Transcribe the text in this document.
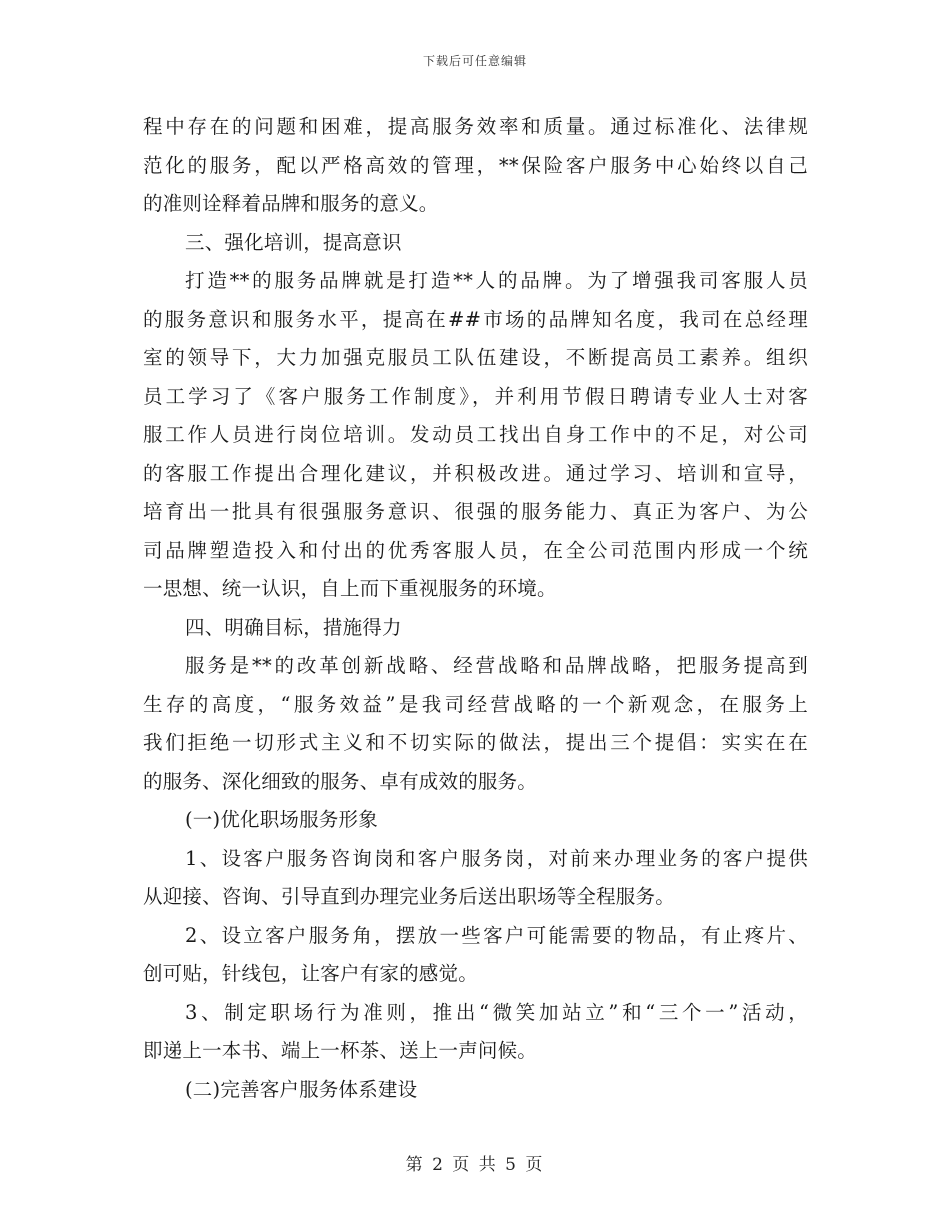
下载后可任意编辑
程中存在的问题和困难，提高服务效率和质量。通过标准化、法律规
范化的服务，配以严格高效的管理，**保险客户服务中心始终以自己
的准则诠释着品牌和服务的意义。
三、强化培训，提高意识
打造**的服务品牌就是打造**人的品牌。为了增强我司客服人员
的服务意识和服务水平，提高在##市场的品牌知名度，我司在总经理
室的领导下，大力加强克服员工队伍建设，不断提高员工素养。组织
员工学习了《客户服务工作制度》，并利用节假日聘请专业人士对客
服工作人员进行岗位培训。发动员工找出自身工作中的不足，对公司
的客服工作提出合理化建议，并积极改进。通过学习、培训和宣导，
培育出一批具有很强服务意识、很强的服务能力、真正为客户、为公
司品牌塑造投入和付出的优秀客服人员，在全公司范围内形成一个统
一思想、统一认识，自上而下重视服务的环境。
四、明确目标，措施得力
服务是**的改革创新战略、经营战略和品牌战略，把服务提高到
生存的高度，“服务效益”是我司经营战略的一个新观念，在服务上
我们拒绝一切形式主义和不切实际的做法，提出三个提倡：实实在在
的服务、深化细致的服务、卓有成效的服务。
(一)优化职场服务形象
1、设客户服务咨询岗和客户服务岗，对前来办理业务的客户提供
从迎接、咨询、引导直到办理完业务后送出职场等全程服务。
2、设立客户服务角，摆放一些客户可能需要的物品，有止疼片、
创可贴，针线包，让客户有家的感觉。
3、制定职场行为准则，推出“微笑加站立”和“三个一”活动，
即递上一本书、端上一杯茶、送上一声问候。
(二)完善客户服务体系建设
第 2 页 共 5 页
